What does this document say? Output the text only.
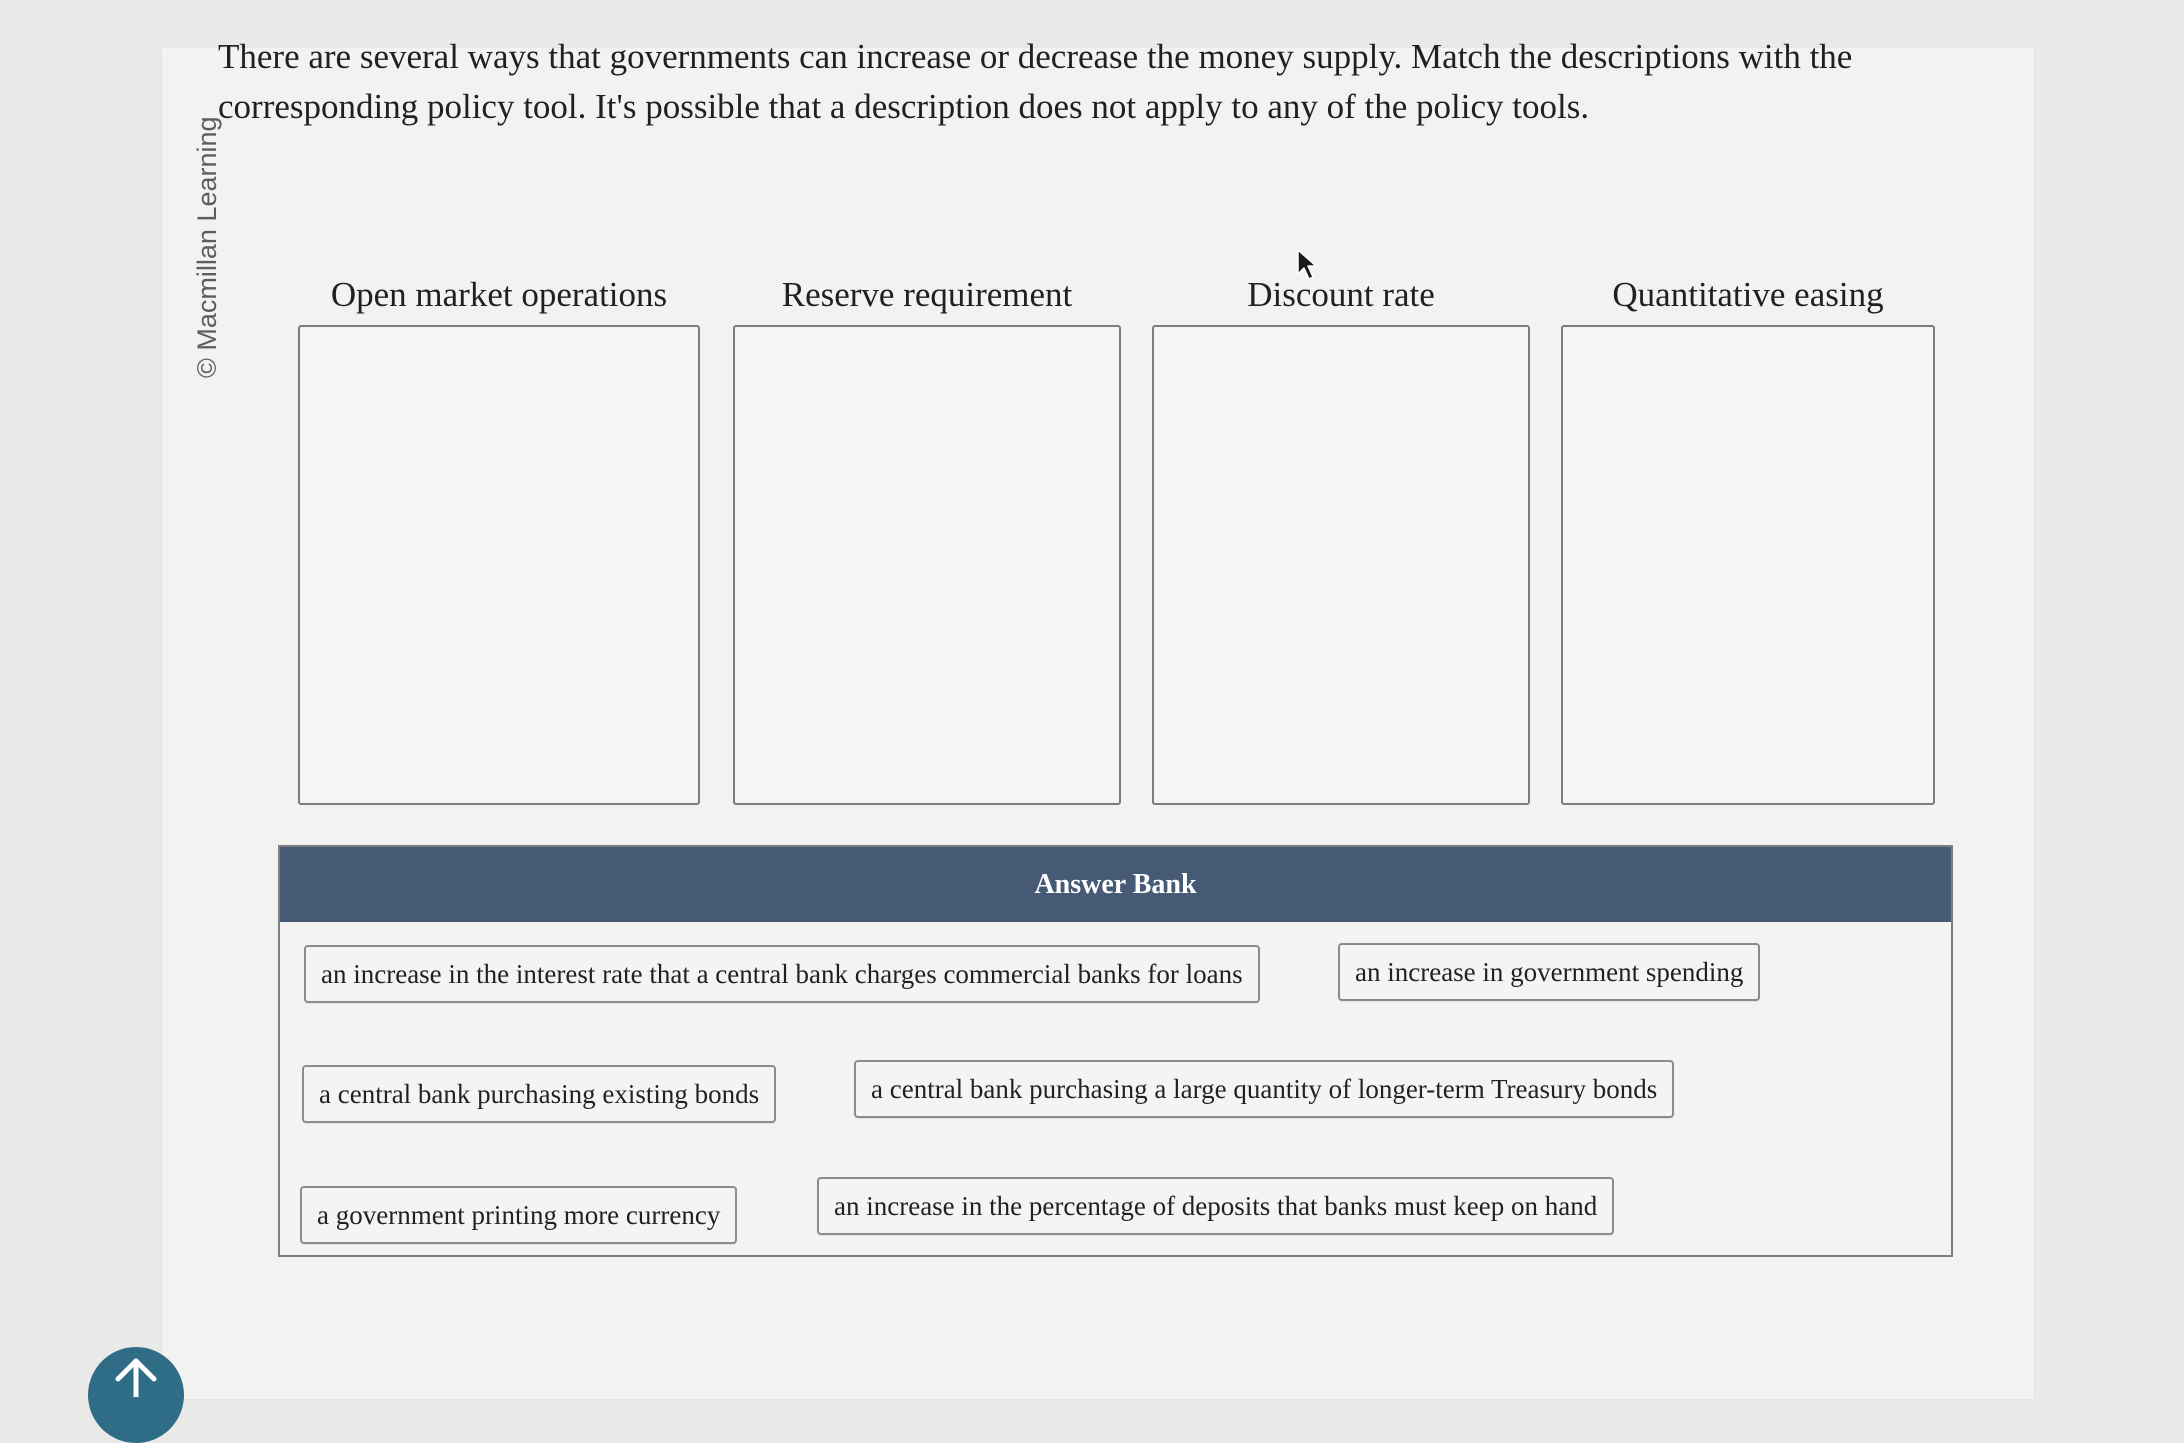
© Macmillan Learning
There are several ways that governments can increase or decrease the money supply. Match the descriptions with the corresponding policy tool. It's possible that a description does not apply to any of the policy tools.
Open market operations	Reserve requirement	Discount rate	Quantitative easing
Answer Bank
an increase in the interest rate that a central bank charges commercial banks for loans	an increase in government spending
a central bank purchasing existing bonds	a central bank purchasing a large quantity of longer-term Treasury bonds
a government printing more currency	an increase in the percentage of deposits that banks must keep on hand
